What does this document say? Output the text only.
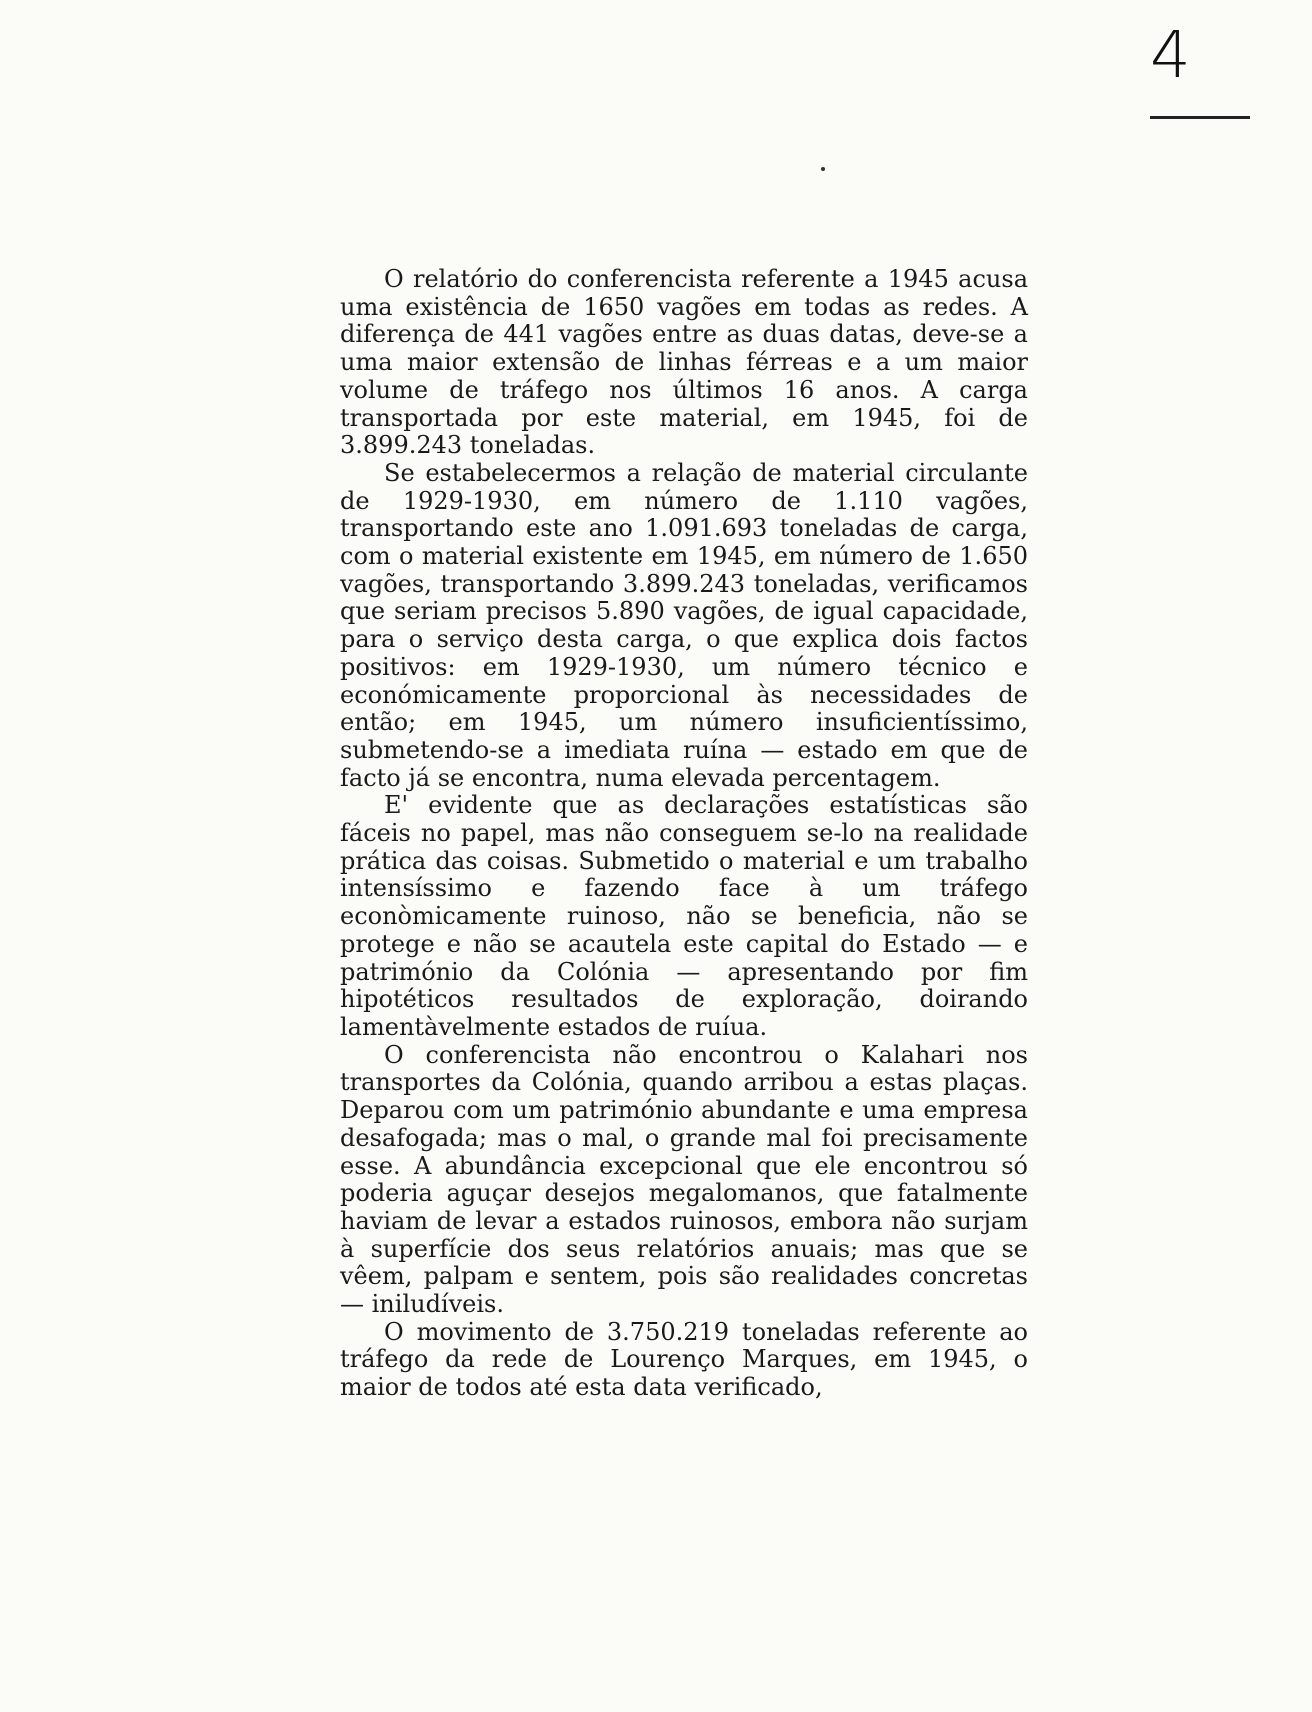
4

O relatório do conferencista referente a 1945 acusa uma existência de 1650 vagões em todas as redes. A diferença de 441 vagões entre as duas datas, deve-se a uma maior extensão de linhas férreas e a um maior volume de tráfego nos últimos 16 anos. A carga transportada por este material, em 1945, foi de 3.899.243 toneladas.

Se estabelecermos a relação de material circulante de 1929-1930, em número de 1.110 vagões, transportando este ano 1.091.693 toneladas de carga, com o material existente em 1945, em número de 1.650 vagões, transportando 3.899.243 toneladas, verificamos que seriam precisos 5.890 vagões, de igual capacidade, para o serviço desta carga, o que explica dois factos positivos: em 1929-1930, um número técnico e económicamente proporcional às necessidades de então; em 1945, um número insuficientíssimo, submetendo-se a imediata ruína — estado em que de facto já se encontra, numa elevada percentagem.

E' evidente que as declarações estatísticas são fáceis no papel, mas não conseguem se-lo na realidade prática das coisas. Submetido o material e um trabalho intensíssimo e fazendo face à um tráfego econòmicamente ruinoso, não se beneficia, não se protege e não se acautela este capital do Estado — e património da Colónia — apresentando por fim hipotéticos resultados de exploração, doirando lamentàvelmente estados de ruíua.

O conferencista não encontrou o Kalahari nos transportes da Colónia, quando arribou a estas plaças. Deparou com um património abundante e uma empresa desafogada; mas o mal, o grande mal foi precisamente esse. A abundância excepcional que ele encontrou só poderia aguçar desejos megalomanos, que fatalmente haviam de levar a estados ruinosos, embora não surjam à superfície dos seus relatórios anuais; mas que se vêem, palpam e sentem, pois são realidades concretas — iniludíveis.

O movimento de 3.750.219 toneladas referente ao tráfego da rede de Lourenço Marques, em 1945, o maior de todos até esta data verificado,
